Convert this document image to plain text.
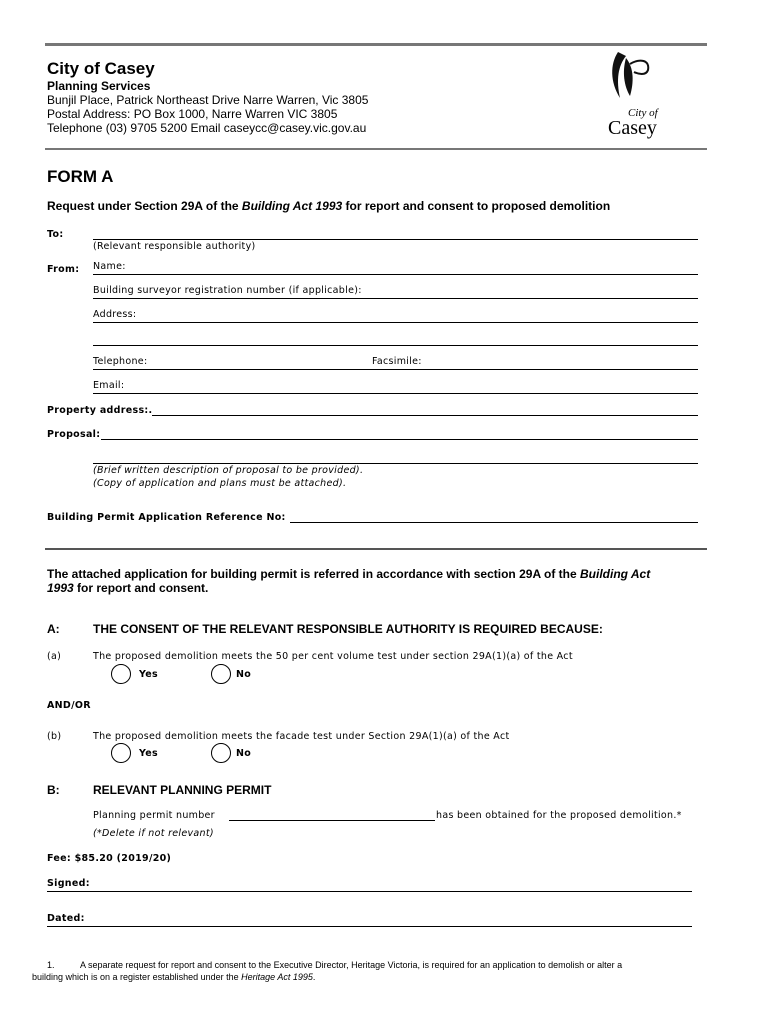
City of Casey
Planning Services
Bunjil Place, Patrick Northeast Drive Narre Warren, Vic 3805
Postal Address: PO Box 1000, Narre Warren VIC 3805
Telephone (03) 9705 5200 Email caseycc@casey.vic.gov.au
City of
Casey
FORM A
Request under Section 29A of the Building Act 1993 for report and consent to proposed demolition
To:
(Relevant responsible authority)
From: Name:
Building surveyor registration number (if applicable):
Address:
Telephone:	Facsimile:
Email:
Property address:.
Proposal:
(Brief written description of proposal to be provided).
(Copy of application and plans must be attached).
Building Permit Application Reference No:
The attached application for building permit is referred in accordance with section 29A of the Building Act
1993 for report and consent.
A:	THE CONSENT OF THE RELEVANT RESPONSIBLE AUTHORITY IS REQUIRED BECAUSE:
(a)	The proposed demolition meets the 50 per cent volume test under section 29A(1)(a) of the Act
Yes	No
AND/OR
(b)	The proposed demolition meets the facade test under Section 29A(1)(a) of the Act
Yes	No
B:	RELEVANT PLANNING PERMIT
Planning permit number	has been obtained for the proposed demolition.*
(*Delete if not relevant)
Fee: $85.20 (2019/20)
Signed:
Dated:
1.	A separate request for report and consent to the Executive Director, Heritage Victoria, is required for an application to demolish or alter a
building which is on a register established under the Heritage Act 1995.
